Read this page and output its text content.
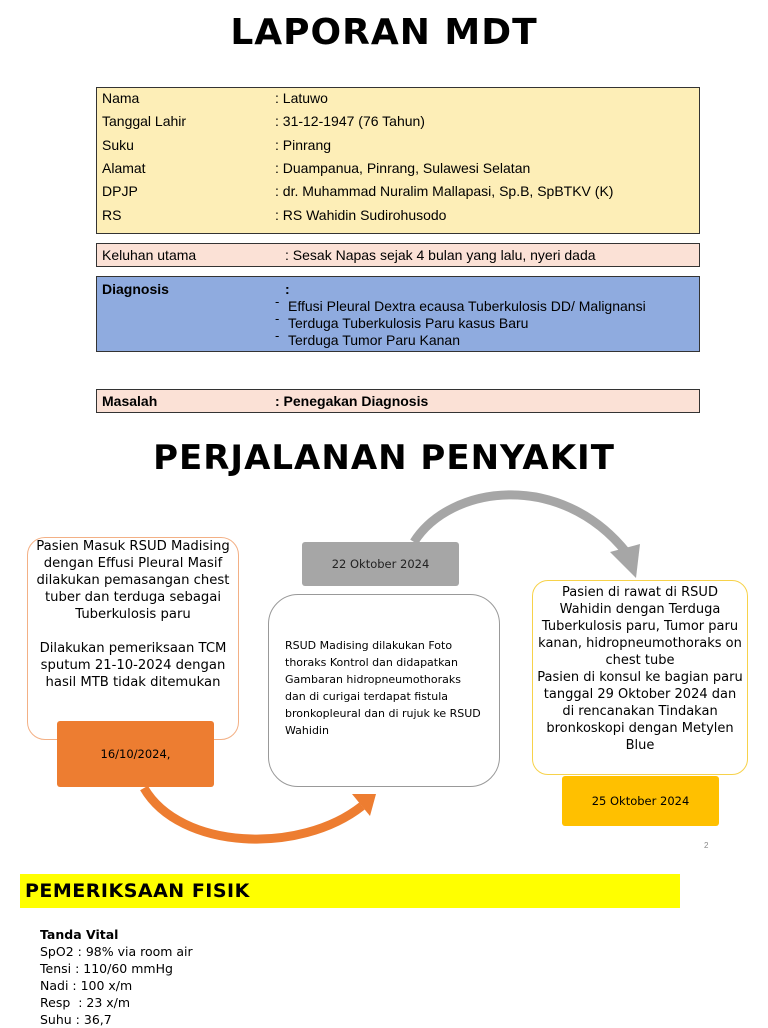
LAPORAN MDT
Nama	: Latuwo
Tanggal Lahir	: 31-12-1947 (76 Tahun)
Suku	: Pinrang
Alamat	: Duampanua, Pinrang, Sulawesi Selatan
DPJP	: dr. Muhammad Nuralim Mallapasi, Sp.B, SpBTKV (K)
RS	: RS Wahidin Sudirohusodo
Keluhan utama	: Sesak Napas sejak 4 bulan yang lalu, nyeri dada
Diagnosis	:
- Effusi Pleural Dextra ecausa Tuberkulosis DD/ Malignansi
- Terduga Tuberkulosis Paru kasus Baru
- Terduga Tumor Paru Kanan
Masalah	: Penegakan Diagnosis
PERJALANAN PENYAKIT
Pasien Masuk RSUD Madising dengan Effusi Pleural Masif dilakukan pemasangan chest tuber dan terduga sebagai Tuberkulosis paru
Dilakukan pemeriksaan TCM sputum 21-10-2024 dengan hasil MTB tidak ditemukan
16/10/2024,
22 Oktober 2024
RSUD Madising dilakukan Foto thoraks Kontrol dan didapatkan Gambaran hidropneumothoraks dan di curigai terdapat fistula bronkopleural dan di rujuk ke RSUD Wahidin
Pasien di rawat di RSUD Wahidin dengan Terduga Tuberkulosis paru, Tumor paru kanan, hidropneumothoraks on chest tube
Pasien di konsul ke bagian paru tanggal 29 Oktober 2024 dan di rencanakan Tindakan bronkoskopi dengan Metylen Blue
25 Oktober 2024
2
PEMERIKSAAN FISIK
Tanda Vital
SpO2 : 98% via room air
Tensi : 110/60 mmHg
Nadi : 100 x/m
Resp  : 23 x/m
Suhu : 36,7
